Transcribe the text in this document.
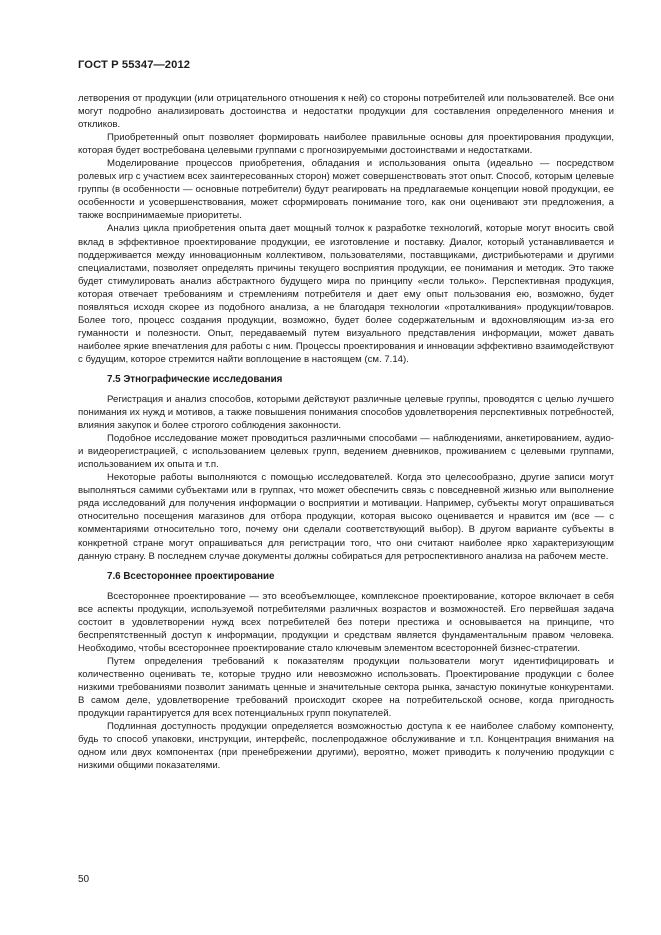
ГОСТ Р 55347—2012

летворения от продукции (или отрицательного отношения к ней) со стороны потребителей или пользователей. Все они могут подробно анализировать достоинства и недостатки продукции для составления определенного мнения и откликов.

Приобретенный опыт позволяет формировать наиболее правильные основы для проектирования продукции, которая будет востребована целевыми группами с прогнозируемыми достоинствами и недостатками.

Моделирование процессов приобретения, обладания и использования опыта (идеально — посредством ролевых игр с участием всех заинтересованных сторон) может совершенствовать этот опыт. Способ, которым целевые группы (в особенности — основные потребители) будут реагировать на предлагаемые концепции новой продукции, ее особенности и усовершенствования, может сформировать понимание того, как они оценивают эти предложения, а также воспринимаемые приоритеты.

Анализ цикла приобретения опыта дает мощный толчок к разработке технологий, которые могут вносить свой вклад в эффективное проектирование продукции, ее изготовление и поставку. Диалог, который устанавливается и поддерживается между инновационным коллективом, пользователями, поставщиками, дистрибьютерами и другими специалистами, позволяет определять причины текущего восприятия продукции, ее понимания и методик. Это также будет стимулировать анализ абстрактного будущего мира по принципу «если только». Перспективная продукция, которая отвечает требованиям и стремлениям потребителя и дает ему опыт пользования ею, возможно, будет появляться исходя скорее из подобного анализа, а не благодаря технологии «проталкивания» продукции/товаров. Более того, процесс создания продукции, возможно, будет более содержательным и вдохновляющим из-за его гуманности и полезности. Опыт, передаваемый путем визуального представления информации, может давать наиболее яркие впечатления для работы с ним. Процессы проектирования и инновации эффективно взаимодействуют с будущим, которое стремится найти воплощение в настоящем (см. 7.14).

7.5 Этнографические исследования

Регистрация и анализ способов, которыми действуют различные целевые группы, проводятся с целью лучшего понимания их нужд и мотивов, а также повышения понимания способов удовлетворения перспективных потребностей, влияния закупок и более строгого соблюдения законности.

Подобное исследование может проводиться различными способами — наблюдениями, анкетированием, аудио- и видеорегистрацией, с использованием целевых групп, ведением дневников, проживанием с целевыми группами, использованием их опыта и т.п.

Некоторые работы выполняются с помощью исследователей. Когда это целесообразно, другие записи могут выполняться самими субъектами или в группах, что может обеспечить связь с повседневной жизнью или выполнение ряда исследований для получения информации о восприятии и мотивации. Например, субъекты могут опрашиваться относительно посещения магазинов для отбора продукции, которая высоко оценивается и нравится им (все — с комментариями относительно того, почему они сделали соответствующий выбор). В другом варианте субъекты в конкретной стране могут опрашиваться для регистрации того, что они считают наиболее ярко характеризующим данную страну. В последнем случае документы должны собираться для ретроспективного анализа на рабочем месте.

7.6 Всестороннее проектирование

Всестороннее проектирование — это всеобъемлющее, комплексное проектирование, которое включает в себя все аспекты продукции, используемой потребителями различных возрастов и возможностей. Его первейшая задача состоит в удовлетворении нужд всех потребителей без потери престижа и основывается на принципе, что беспрепятственный доступ к информации, продукции и средствам является фундаментальным правом человека. Необходимо, чтобы всестороннее проектирование стало ключевым элементом всесторонней бизнес-стратегии.

Путем определения требований к показателям продукции пользователи могут идентифицировать и количественно оценивать те, которые трудно или невозможно использовать. Проектирование продукции с более низкими требованиями позволит занимать ценные и значительные сектора рынка, зачастую покинутые конкурентами. В самом деле, удовлетворение требований происходит скорее на потребительской основе, когда пригодность продукции гарантируется для всех потенциальных групп покупателей.

Подлинная доступность продукции определяется возможностью доступа к ее наиболее слабому компоненту, будь то способ упаковки, инструкции, интерфейс, послепродажное обслуживание и т.п. Концентрация внимания на одном или двух компонентах (при пренебрежении другими), вероятно, может приводить к получению продукции с низкими общими показателями.

50
